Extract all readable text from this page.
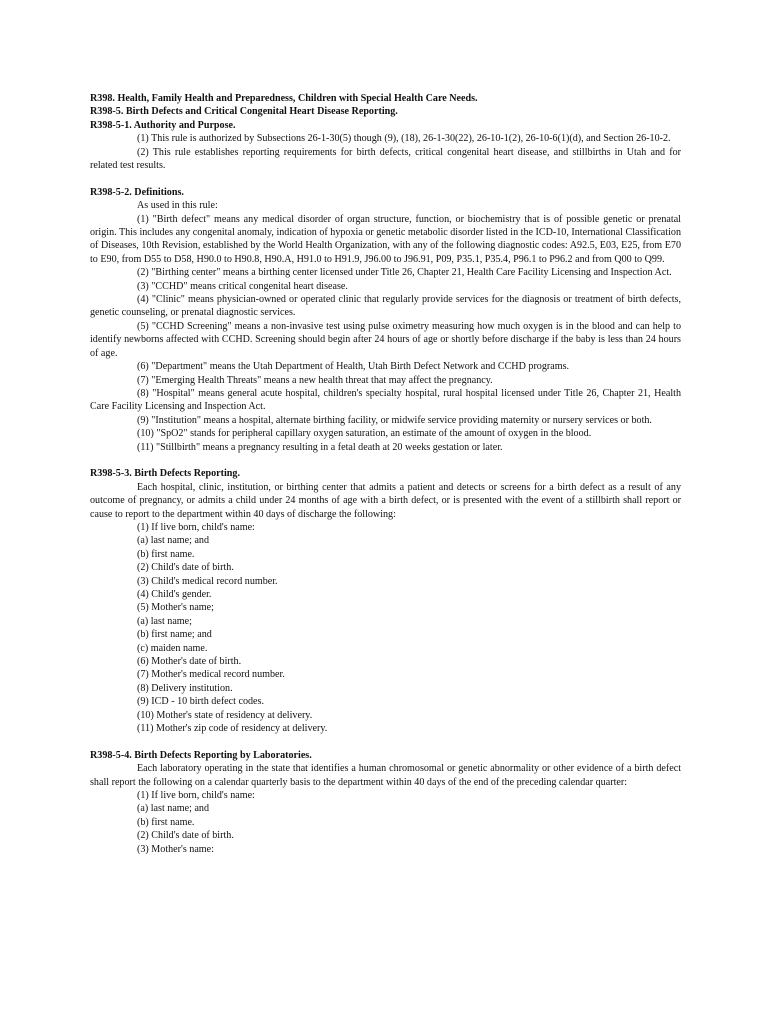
R398. Health, Family Health and Preparedness, Children with Special Health Care Needs.
R398-5. Birth Defects and Critical Congenital Heart Disease Reporting.
R398-5-1. Authority and Purpose.

(1) This rule is authorized by Subsections 26-1-30(5) though (9), (18), 26-1-30(22), 26-10-1(2), 26-10-6(1)(d), and Section 26-10-2.

(2) This rule establishes reporting requirements for birth defects, critical congenital heart disease, and stillbirths in Utah and for related test results.

R398-5-2. Definitions.

As used in this rule:

(1) "Birth defect" means any medical disorder of organ structure, function, or biochemistry that is of possible genetic or prenatal origin. This includes any congenital anomaly, indication of hypoxia or genetic metabolic disorder listed in the ICD-10, International Classification of Diseases, 10th Revision, established by the World Health Organization, with any of the following diagnostic codes: A92.5, E03, E25, from E70 to E90, from D55 to D58, H90.0 to H90.8, H90.A, H91.0 to H91.9, J96.00 to J96.91, P09, P35.1, P35.4, P96.1 to P96.2 and from Q00 to Q99.

(2) "Birthing center" means a birthing center licensed under Title 26, Chapter 21, Health Care Facility Licensing and Inspection Act.

(3) "CCHD" means critical congenital heart disease.

(4) "Clinic" means physician-owned or operated clinic that regularly provide services for the diagnosis or treatment of birth defects, genetic counseling, or prenatal diagnostic services.

(5) "CCHD Screening" means a non-invasive test using pulse oximetry measuring how much oxygen is in the blood and can help to identify newborns affected with CCHD. Screening should begin after 24 hours of age or shortly before discharge if the baby is less than 24 hours of age.

(6) "Department" means the Utah Department of Health, Utah Birth Defect Network and CCHD programs.

(7) "Emerging Health Threats" means a new health threat that may affect the pregnancy.

(8) "Hospital" means general acute hospital, children's specialty hospital, rural hospital licensed under Title 26, Chapter 21, Health Care Facility Licensing and Inspection Act.

(9) "Institution" means a hospital, alternate birthing facility, or midwife service providing maternity or nursery services or both.

(10) "SpO2" stands for peripheral capillary oxygen saturation, an estimate of the amount of oxygen in the blood.

(11) "Stillbirth" means a pregnancy resulting in a fetal death at 20 weeks gestation or later.

R398-5-3. Birth Defects Reporting.

Each hospital, clinic, institution, or birthing center that admits a patient and detects or screens for a birth defect as a result of any outcome of pregnancy, or admits a child under 24 months of age with a birth defect, or is presented with the event of a stillbirth shall report or cause to report to the department within 40 days of discharge the following:

(1) If live born, child's name:
(a) last name; and
(b) first name.
(2) Child's date of birth.
(3) Child's medical record number.
(4) Child's gender.
(5) Mother's name;
(a) last name;
(b) first name; and
(c) maiden name.
(6) Mother's date of birth.
(7) Mother's medical record number.
(8) Delivery institution.
(9) ICD - 10 birth defect codes.
(10) Mother's state of residency at delivery.
(11) Mother's zip code of residency at delivery.
R398-5-4. Birth Defects Reporting by Laboratories.

Each laboratory operating in the state that identifies a human chromosomal or genetic abnormality or other evidence of a birth defect shall report the following on a calendar quarterly basis to the department within 40 days of the end of the preceding calendar quarter:

(1) If live born, child's name:
(a) last name; and
(b) first name.
(2) Child's date of birth.
(3) Mother's name:
